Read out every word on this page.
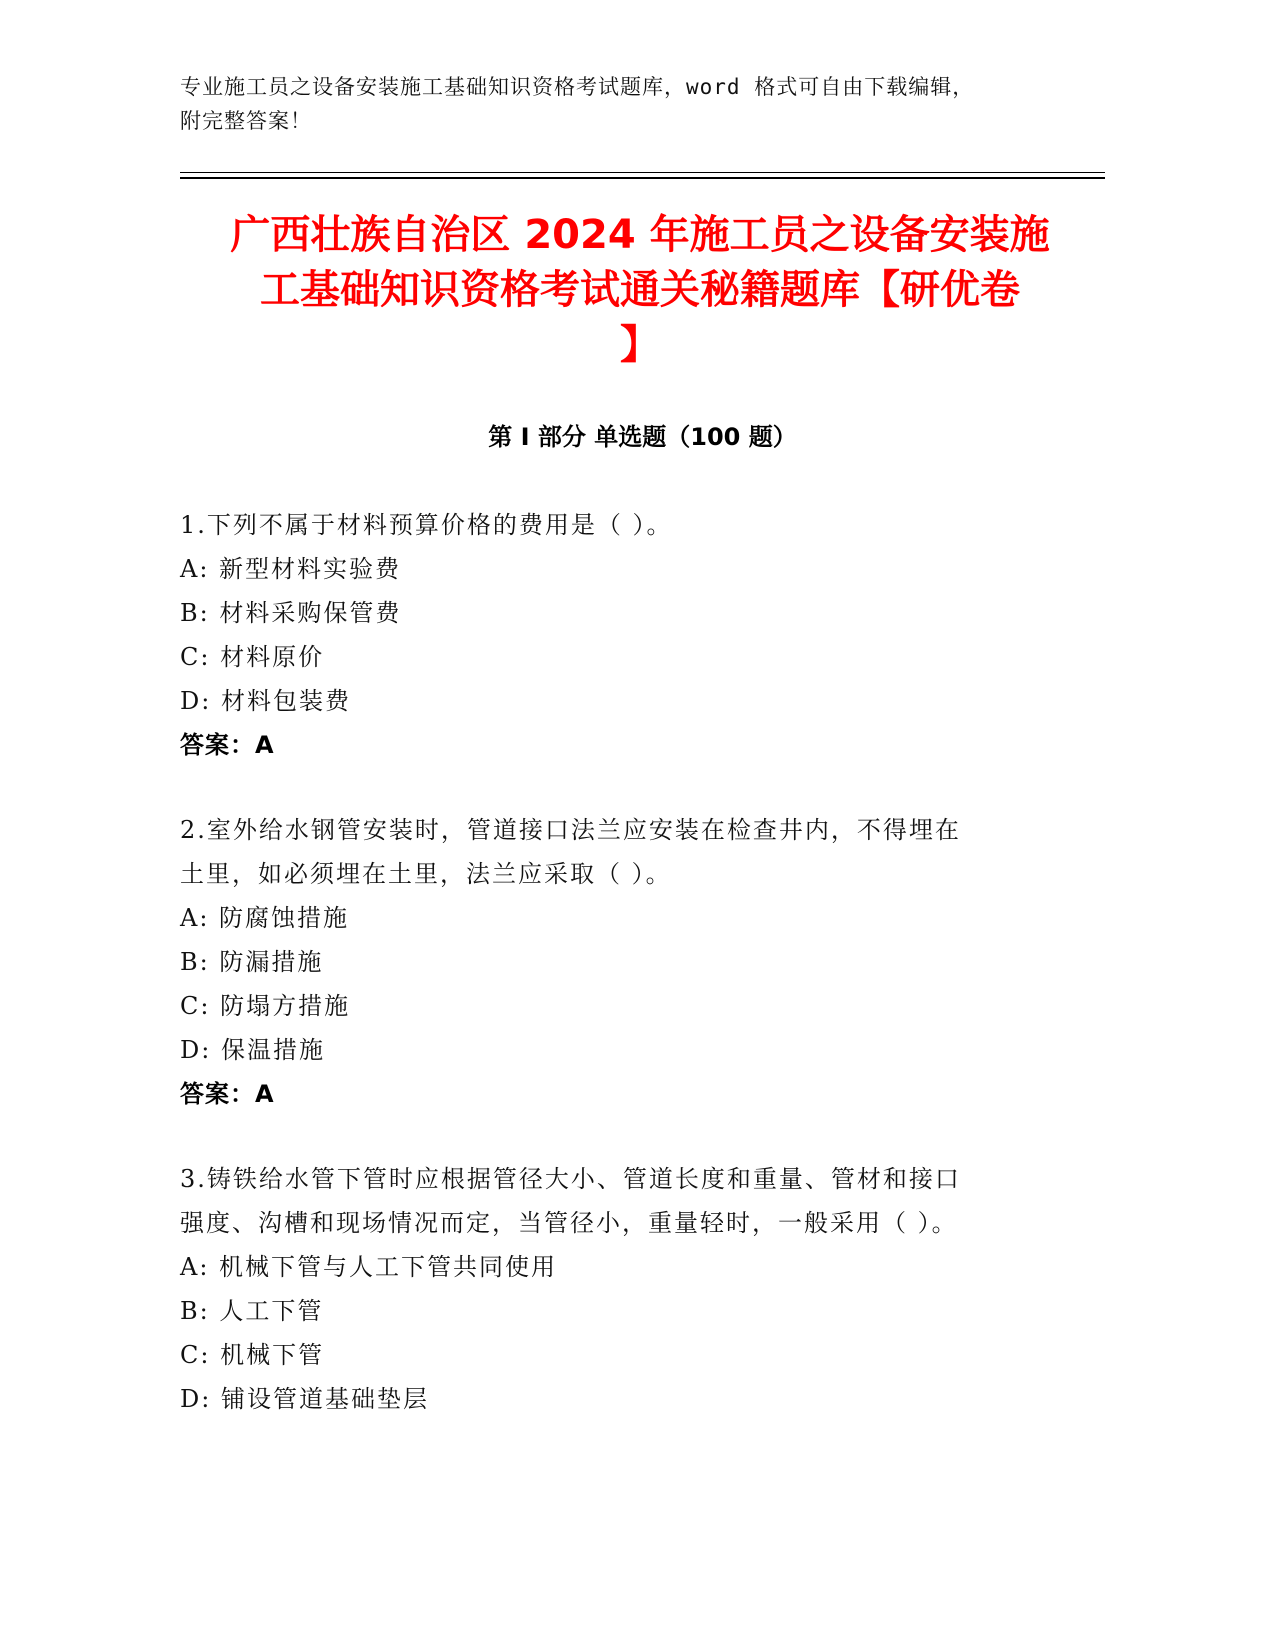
专业施工员之设备安装施工基础知识资格考试题库，word 格式可自由下载编辑，
附完整答案！
广西壮族自治区 2024 年施工员之设备安装施
工基础知识资格考试通关秘籍题库【研优卷
】
第 I 部分 单选题（100 题）
1.下列不属于材料预算价格的费用是（ ）。
A: 新型材料实验费
B: 材料采购保管费
C: 材料原价
D: 材料包装费
答案：A
2.室外给水钢管安装时，管道接口法兰应安装在检查井内，不得埋在
土里，如必须埋在土里，法兰应采取（ ）。
A: 防腐蚀措施
B: 防漏措施
C: 防塌方措施
D: 保温措施
答案：A
3.铸铁给水管下管时应根据管径大小、管道长度和重量、管材和接口
强度、沟槽和现场情况而定，当管径小，重量轻时，一般采用（ ）。
A: 机械下管与人工下管共同使用
B: 人工下管
C: 机械下管
D: 铺设管道基础垫层
